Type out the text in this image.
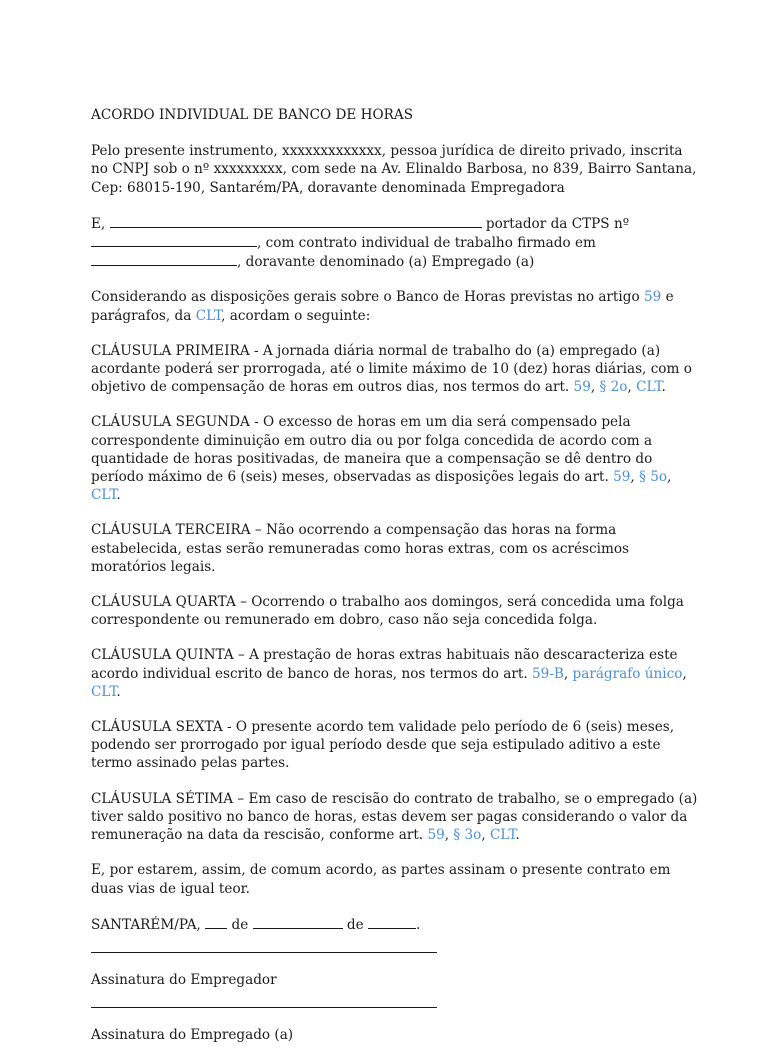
ACORDO INDIVIDUAL DE BANCO DE HORAS

Pelo presente instrumento, xxxxxxxxxxxxx, pessoa jurídica de direito privado, inscrita no CNPJ sob o nº xxxxxxxxx, com sede na Av. Elinaldo Barbosa, no 839, Bairro Santana, Cep: 68015-190, Santarém/PA, doravante denominada Empregadora

E,	portador da CTPS nº
, com contrato individual de trabalho firmado em
, doravante denominado (a) Empregado (a)

Considerando as disposições gerais sobre o Banco de Horas previstas no artigo 59 e parágrafos, da CLT, acordam o seguinte:

CLÁUSULA PRIMEIRA - A jornada diária normal de trabalho do (a) empregado (a) acordante poderá ser prorrogada, até o limite máximo de 10 (dez) horas diárias, com o objetivo de compensação de horas em outros dias, nos termos do art. 59, § 2o, CLT.

CLÁUSULA SEGUNDA - O excesso de horas em um dia será compensado pela correspondente diminuição em outro dia ou por folga concedida de acordo com a quantidade de horas positivadas, de maneira que a compensação se dê dentro do período máximo de 6 (seis) meses, observadas as disposições legais do art. 59, § 5o, CLT.

CLÁUSULA TERCEIRA – Não ocorrendo a compensação das horas na forma estabelecida, estas serão remuneradas como horas extras, com os acréscimos moratórios legais.

CLÁUSULA QUARTA – Ocorrendo o trabalho aos domingos, será concedida uma folga correspondente ou remunerado em dobro, caso não seja concedida folga.

CLÁUSULA QUINTA – A prestação de horas extras habituais não descaracteriza este acordo individual escrito de banco de horas, nos termos do art. 59-B, parágrafo único, CLT.

CLÁUSULA SEXTA - O presente acordo tem validade pelo período de 6 (seis) meses, podendo ser prorrogado por igual período desde que seja estipulado aditivo a este termo assinado pelas partes.

CLÁUSULA SÉTIMA – Em caso de rescisão do contrato de trabalho, se o empregado (a) tiver saldo positivo no banco de horas, estas devem ser pagas considerando o valor da remuneração na data da rescisão, conforme art. 59, § 3o, CLT.

E, por estarem, assim, de comum acordo, as partes assinam o presente contrato em duas vias de igual teor.

SANTARÉM/PA,  de	de	.

Assinatura do Empregador

Assinatura do Empregado (a)
